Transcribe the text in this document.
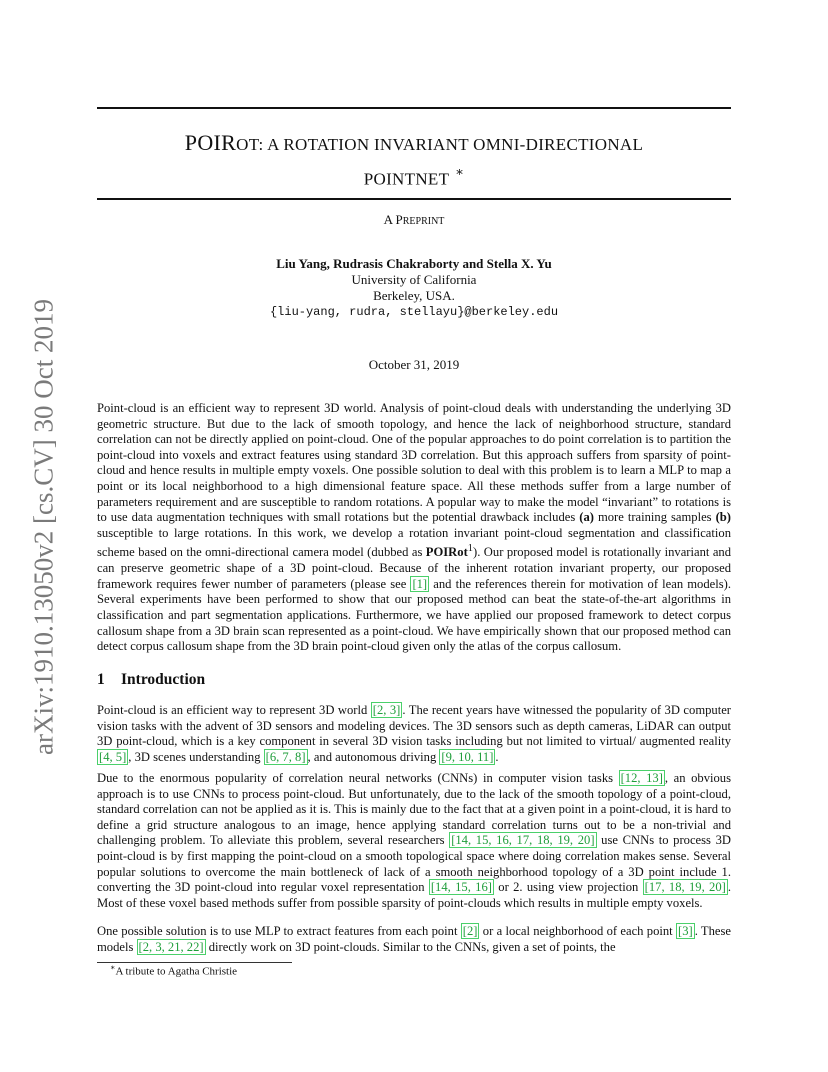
arXiv:1910.13050v2 [cs.CV] 30 Oct 2019
POIROT: A ROTATION INVARIANT OMNI-DIRECTIONAL
POINTNET ∗
A PREPRINT
Liu Yang, Rudrasis Chakraborty and Stella X. Yu
University of California
Berkeley, USA.
{liu-yang, rudra, stellayu}@berkeley.edu
October 31, 2019

Point-cloud is an efficient way to represent 3D world. Analysis of point-cloud deals with understanding the underlying 3D geometric structure. But due to the lack of smooth topology, and hence the lack of neighborhood structure, standard correlation can not be directly applied on point-cloud. One of the popular approaches to do point correlation is to partition the point-cloud into voxels and extract features using standard 3D correlation. But this approach suffers from sparsity of point-cloud and hence results in multiple empty voxels. One possible solution to deal with this problem is to learn a MLP to map a point or its local neighborhood to a high dimensional feature space. All these methods suffer from a large number of parameters requirement and are susceptible to random rotations. A popular way to make the model “invariant” to rotations is to use data augmentation techniques with small rotations but the potential drawback includes (a) more training samples (b) susceptible to large rotations. In this work, we develop a rotation invariant point-cloud segmentation and classification scheme based on the omni-directional camera model (dubbed as POIRot$^1$). Our proposed model is rotationally invariant and can preserve geometric shape of a 3D point-cloud. Because of the inherent rotation invariant property, our proposed framework requires fewer number of parameters (please see [1] and the references therein for motivation of lean models). Several experiments have been performed to show that our proposed method can beat the state-of-the-art algorithms in classification and part segmentation applications. Furthermore, we have applied our proposed framework to detect corpus callosum shape from a 3D brain scan represented as a point-cloud. We have empirically shown that our proposed method can detect corpus callosum shape from the 3D brain point-cloud given only the atlas of the corpus callosum.

1 Introduction

Point-cloud is an efficient way to represent 3D world [2, 3] . The recent years have witnessed the popularity of 3D computer vision tasks with the advent of 3D sensors and modeling devices. The 3D sensors such as depth cameras, LiDAR can output 3D point-cloud, which is a key component in several 3D vision tasks including but not limited to virtual/ augmented reality [4, 5] , 3D scenes understanding [6, 7, 8] , and autonomous driving [9, 10, 11] .

Due to the enormous popularity of correlation neural networks (CNNs) in computer vision tasks [12, 13] , an obvious approach is to use CNNs to process point-cloud. But unfortunately, due to the lack of the smooth topology of a point-cloud, standard correlation can not be applied as it is. This is mainly due to the fact that at a given point in a point-cloud, it is hard to define a grid structure analogous to an image, hence applying standard correlation turns out to be a non-trivial and challenging problem. To alleviate this problem, several researchers [14, 15, 16, 17, 18, 19, 20] use CNNs to process 3D point-cloud is by first mapping the point-cloud on a smooth topological space where doing correlation makes sense. Several popular solutions to overcome the main bottleneck of lack of a smooth neighborhood topology of a 3D point include 1. converting the 3D point-cloud into regular voxel representation [14, 15, 16] or 2. using view projection [17, 18, 19, 20] . Most of these voxel based methods suffer from possible sparsity of point-clouds which results in multiple empty voxels.

One possible solution is to use MLP to extract features from each point [2] or a local neighborhood of each point [3] . These models [2, 3, 21, 22] directly work on 3D point-clouds. Similar to the CNNs, given a set of points, the

∗A tribute to Agatha Christie
